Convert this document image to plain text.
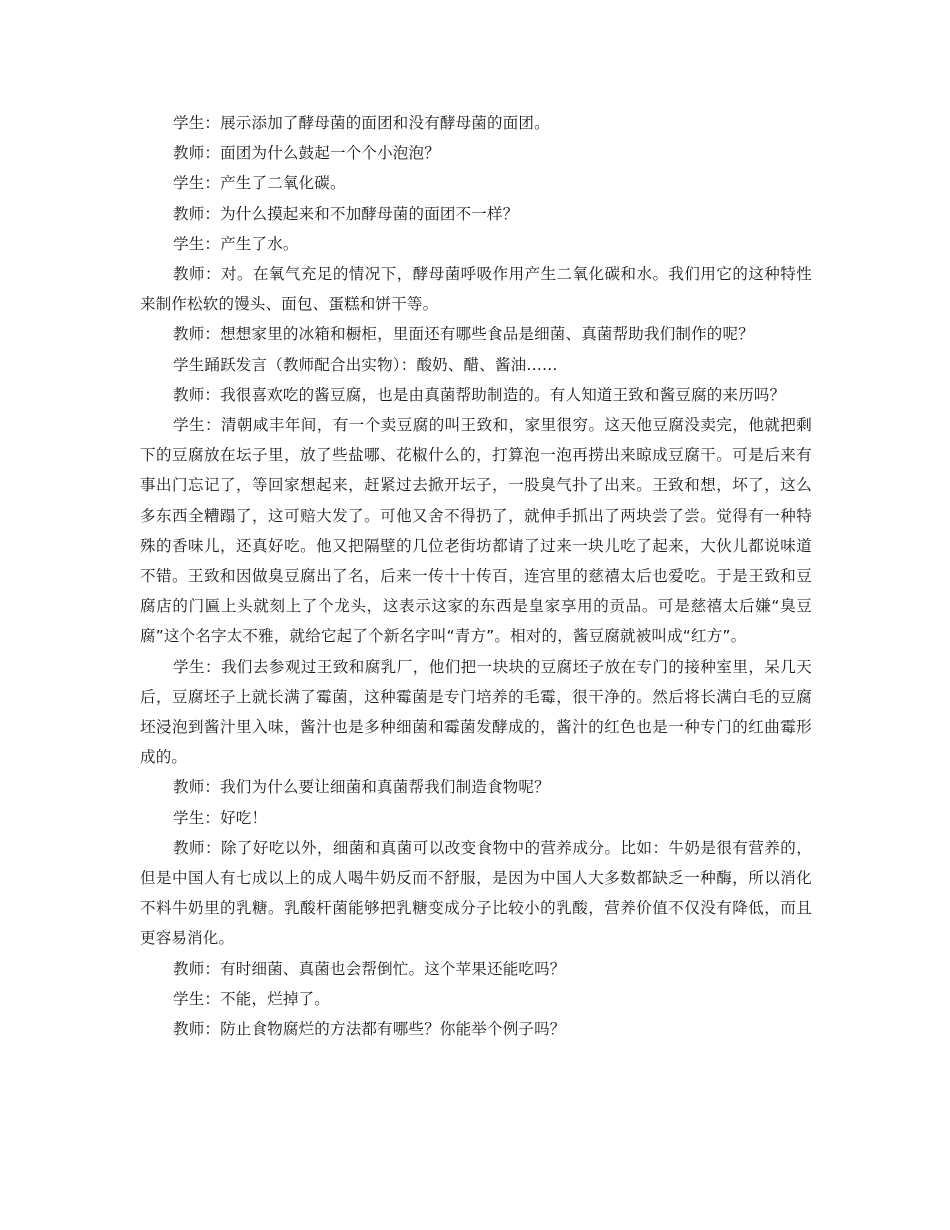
学生：展示添加了酵母菌的面团和没有酵母菌的面团。

教师：面团为什么鼓起一个个小泡泡？

学生：产生了二氧化碳。

教师：为什么摸起来和不加酵母菌的面团不一样？

学生：产生了水。

教师：对。在氧气充足的情况下，酵母菌呼吸作用产生二氧化碳和水。我们用它的这种特性来制作松软的馒头、面包、蛋糕和饼干等。

教师：想想家里的冰箱和橱柜，里面还有哪些食品是细菌、真菌帮助我们制作的呢？

学生踊跃发言（教师配合出实物）：酸奶、醋、酱油……

教师：我很喜欢吃的酱豆腐，也是由真菌帮助制造的。有人知道王致和酱豆腐的来历吗？

学生：清朝咸丰年间，有一个卖豆腐的叫王致和，家里很穷。这天他豆腐没卖完，他就把剩下的豆腐放在坛子里，放了些盐哪、花椒什么的，打算泡一泡再捞出来晾成豆腐干。可是后来有事出门忘记了，等回家想起来，赶紧过去掀开坛子，一股臭气扑了出来。王致和想，坏了，这么多东西全糟蹋了，这可赔大发了。可他又舍不得扔了，就伸手抓出了两块尝了尝。觉得有一种特殊的香味儿，还真好吃。他又把隔壁的几位老街坊都请了过来一块儿吃了起来，大伙儿都说味道不错。王致和因做臭豆腐出了名，后来一传十十传百，连宫里的慈禧太后也爱吃。于是王致和豆腐店的门匾上头就刻上了个龙头，这表示这家的东西是皇家享用的贡品。可是慈禧太后嫌“臭豆腐”这个名字太不雅，就给它起了个新名字叫“青方”。相对的，酱豆腐就被叫成“红方”。

学生：我们去参观过王致和腐乳厂，他们把一块块的豆腐坯子放在专门的接种室里，呆几天后，豆腐坯子上就长满了霉菌，这种霉菌是专门培养的毛霉，很干净的。然后将长满白毛的豆腐坯浸泡到酱汁里入味，酱汁也是多种细菌和霉菌发酵成的，酱汁的红色也是一种专门的红曲霉形成的。

教师：我们为什么要让细菌和真菌帮我们制造食物呢？

学生：好吃！

教师：除了好吃以外，细菌和真菌可以改变食物中的营养成分。比如：牛奶是很有营养的，但是中国人有七成以上的成人喝牛奶反而不舒服，是因为中国人大多数都缺乏一种酶，所以消化不料牛奶里的乳糖。乳酸杆菌能够把乳糖变成分子比较小的乳酸，营养价值不仅没有降低，而且更容易消化。

教师：有时细菌、真菌也会帮倒忙。这个苹果还能吃吗？

学生：不能，烂掉了。

教师：防止食物腐烂的方法都有哪些？你能举个例子吗？
